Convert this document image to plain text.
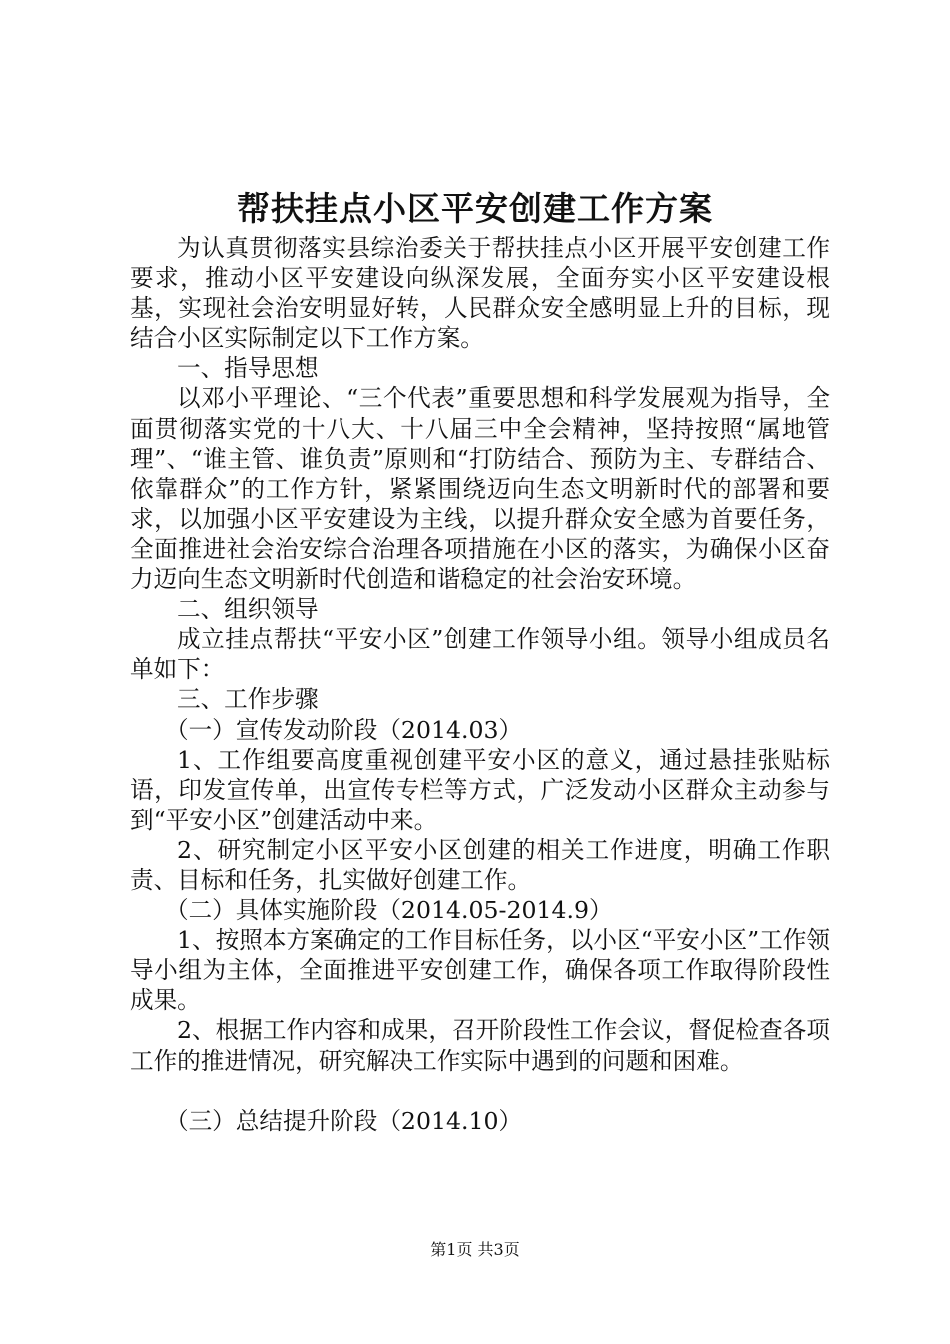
帮扶挂点小区平安创建工作方案

为认真贯彻落实县综治委关于帮扶挂点小区开展平安创建工作要求，推动小区平安建设向纵深发展，全面夯实小区平安建设根基，实现社会治安明显好转，人民群众安全感明显上升的目标，现结合小区实际制定以下工作方案。

一、指导思想

以邓小平理论、“三个代表”重要思想和科学发展观为指导，全面贯彻落实党的十八大、十八届三中全会精神，坚持按照“属地管理”、“谁主管、谁负责”原则和“打防结合、预防为主、专群结合、依靠群众”的工作方针，紧紧围绕迈向生态文明新时代的部署和要求，以加强小区平安建设为主线，以提升群众安全感为首要任务，全面推进社会治安综合治理各项措施在小区的落实，为确保小区奋力迈向生态文明新时代创造和谐稳定的社会治安环境。

二、组织领导

成立挂点帮扶“平安小区”创建工作领导小组。领导小组成员名单如下：

三、工作步骤

（一）宣传发动阶段（2014.03）

1、工作组要高度重视创建平安小区的意义，通过悬挂张贴标语，印发宣传单，出宣传专栏等方式，广泛发动小区群众主动参与到“平安小区”创建活动中来。

2、研究制定小区平安小区创建的相关工作进度，明确工作职责、目标和任务，扎实做好创建工作。

（二）具体实施阶段（2014.05-2014.9）

1、按照本方案确定的工作目标任务，以小区“平安小区”工作领导小组为主体，全面推进平安创建工作，确保各项工作取得阶段性成果。

2、根据工作内容和成果，召开阶段性工作会议，督促检查各项工作的推进情况，研究解决工作实际中遇到的问题和困难。

（三）总结提升阶段（2014.10）

第1页 共3页
